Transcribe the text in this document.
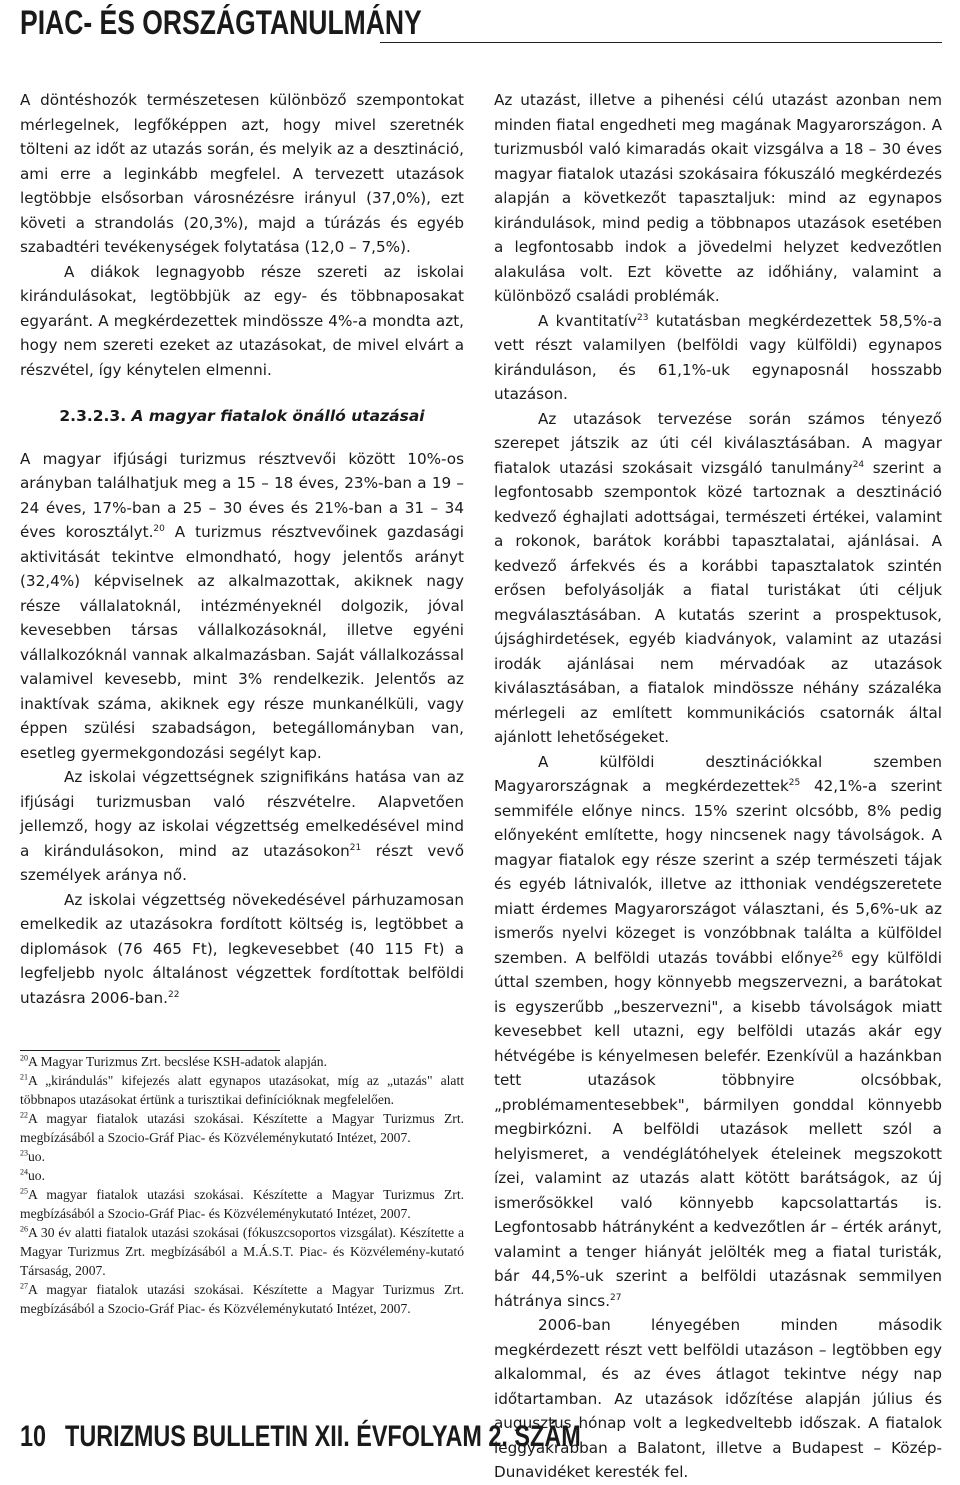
PIAC- ÉS ORSZÁGTANULMÁNY

A döntéshozók természetesen különböző szempontokat mérlegelnek, legfőképpen azt, hogy mivel szeretnék tölteni az időt az utazás során, és melyik az a desztináció, ami erre a leginkább megfelel. A tervezett utazások legtöbbje elsősorban városnézésre irányul (37,0%), ezt követi a strandolás (20,3%), majd a túrázás és egyéb szabadtéri tevékenységek folytatása (12,0 – 7,5%).

A diákok legnagyobb része szereti az iskolai kirándulásokat, legtöbbjük az egy- és többnaposakat egyaránt. A megkérdezettek mindössze 4%-a mondta azt, hogy nem szereti ezeket az utazásokat, de mivel elvárt a részvétel, így kénytelen elmenni.

2.3.2.3. A magyar fiatalok önálló utazásai

A magyar ifjúsági turizmus résztvevői között 10%-os arányban találhatjuk meg a 15 – 18 éves, 23%-ban a 19 – 24 éves, 17%-ban a 25 – 30 éves és 21%-ban a 31 – 34 éves korosztályt.$^{20}$ A turizmus résztvevőinek gazdasági aktivitását tekintve elmondható, hogy jelentős arányt (32,4%) képviselnek az alkalmazottak, akiknek nagy része vállalatoknál, intézményeknél dolgozik, jóval kevesebben társas vállalkozásoknál, illetve egyéni vállalkozóknál vannak alkalmazásban. Saját vállalkozással valamivel kevesebb, mint 3% rendelkezik. Jelentős az inaktívak száma, akiknek egy része munkanélküli, vagy éppen szülési szabadságon, betegállományban van, esetleg gyermekgondozási segélyt kap.

Az iskolai végzettségnek szignifikáns hatása van az ifjúsági turizmusban való részvételre. Alapvetően jellemző, hogy az iskolai végzettség emelkedésével mind a kirándulásokon, mind az utazásokon$^{21}$ részt vevő személyek aránya nő.

Az iskolai végzettség növekedésével párhuzamosan emelkedik az utazásokra fordított költség is, legtöbbet a diplomások (76 465 Ft), legkevesebbet (40 115 Ft) a legfeljebb nyolc általánost végzettek fordítottak belföldi utazásra 2006-ban.$^{22}$

$^{20}$A Magyar Turizmus Zrt. becslése KSH-adatok alapján.

$^{21}$A „kirándulás" kifejezés alatt egynapos utazásokat, míg az „utazás" alatt többnapos utazásokat értünk a turisztikai definícióknak megfelelően.

$^{22}$A magyar fiatalok utazási szokásai. Készítette a Magyar Turizmus Zrt. megbízásából a Szocio-Gráf Piac- és Közvéleménykutató Intézet, 2007.

$^{23}$uo.

$^{24}$uo.

$^{25}$A magyar fiatalok utazási szokásai. Készítette a Magyar Turizmus Zrt. megbízásából a Szocio-Gráf Piac- és Közvéleménykutató Intézet, 2007.

$^{26}$A 30 év alatti fiatalok utazási szokásai (fókuszcsoportos vizsgálat). Készítette a Magyar Turizmus Zrt. megbízásából a M.Á.S.T. Piac- és Közvélemény-kutató Társaság, 2007.

$^{27}$A magyar fiatalok utazási szokásai. Készítette a Magyar Turizmus Zrt. megbízásából a Szocio-Gráf Piac- és Közvéleménykutató Intézet, 2007.

Az utazást, illetve a pihenési célú utazást azonban nem minden fiatal engedheti meg magának Magyarországon. A turizmusból való kimaradás okait vizsgálva a 18 – 30 éves magyar fiatalok utazási szokásaira fókuszáló megkérdezés alapján a következőt tapasztaljuk: mind az egynapos kirándulások, mind pedig a többnapos utazások esetében a legfontosabb indok a jövedelmi helyzet kedvezőtlen alakulása volt. Ezt követte az időhiány, valamint a különböző családi problémák.

A kvantitatív$^{23}$ kutatásban megkérdezettek 58,5%-a vett részt valamilyen (belföldi vagy külföldi) egynapos kiránduláson, és 61,1%-uk egynaposnál hosszabb utazáson.

Az utazások tervezése során számos tényező szerepet játszik az úti cél kiválasztásában. A magyar fiatalok utazási szokásait vizsgáló tanulmány$^{24}$ szerint a legfontosabb szempontok közé tartoznak a desztináció kedvező éghajlati adottságai, természeti értékei, valamint a rokonok, barátok korábbi tapasztalatai, ajánlásai. A kedvező árfekvés és a korábbi tapasztalatok szintén erősen befolyásolják a fiatal turistákat úti céljuk megválasztásában. A kutatás szerint a prospektusok, újsághirdetések, egyéb kiadványok, valamint az utazási irodák ajánlásai nem mérvadóak az utazások kiválasztásában, a fiatalok mindössze néhány százaléka mérlegeli az említett kommunikációs csatornák által ajánlott lehetőségeket.

A külföldi desztinációkkal szemben Magyarországnak a megkérdezettek$^{25}$ 42,1%-a szerint semmiféle előnye nincs. 15% szerint olcsóbb, 8% pedig előnyeként említette, hogy nincsenek nagy távolságok. A magyar fiatalok egy része szerint a szép természeti tájak és egyéb látnivalók, illetve az itthoniak vendégszeretete miatt érdemes Magyarországot választani, és 5,6%-uk az ismerős nyelvi közeget is vonzóbbnak találta a külföldel szemben. A belföldi utazás további előnye$^{26}$ egy külföldi úttal szemben, hogy könnyebb megszervezni, a barátokat is egyszerűbb „beszervezni", a kisebb távolságok miatt kevesebbet kell utazni, egy belföldi utazás akár egy hétvégébe is kényelmesen belefér. Ezenkívül a hazánkban tett utazások többnyire olcsóbbak, „problémamentesebbek", bármilyen gonddal könnyebb megbirkózni. A belföldi utazások mellett szól a helyismeret, a vendéglátóhelyek ételeinek megszokott ízei, valamint az utazás alatt kötött barátságok, az új ismerősökkel való könnyebb kapcsolattartás is. Legfontosabb hátrányként a kedvezőtlen ár – érték arányt, valamint a tenger hiányát jelölték meg a fiatal turisták, bár 44,5%-uk szerint a belföldi utazásnak semmilyen hátránya sincs.$^{27}$

2006-ban lényegében minden második megkérdezett részt vett belföldi utazáson – legtöbben egy alkalommal, és az éves átlagot tekintve négy nap időtartamban. Az utazások időzítése alapján július és augusztus hónap volt a legkedveltebb időszak. A fiatalok leggyakrabban a Balatont, illetve a Budapest – Közép-Dunavidéket keresték fel.

10 TURIZMUS BULLETIN XII. ÉVFOLYAM 2. SZÁM
